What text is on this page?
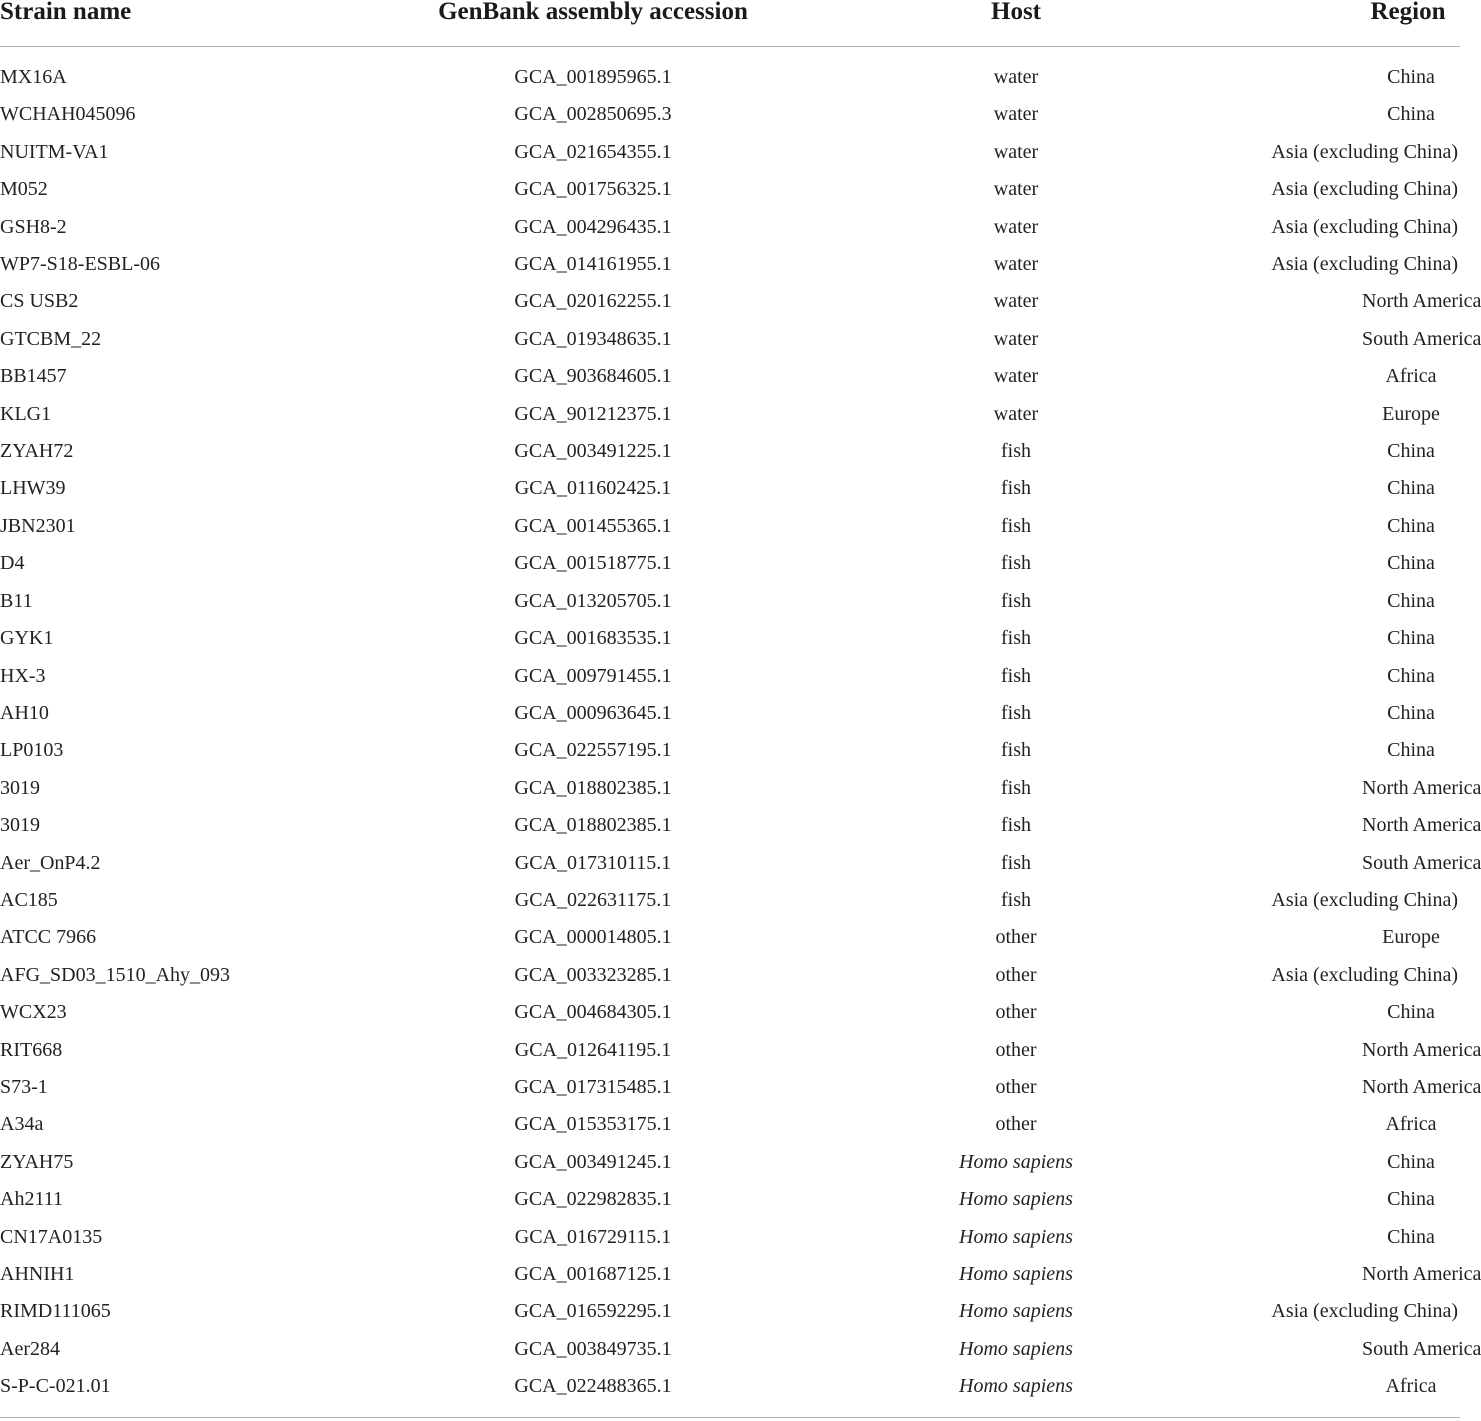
Strain name	GenBank assembly accession	Host	Region
MX16A	GCA_001895965.1	water	China
WCHAH045096	GCA_002850695.3	water	China
NUITM-VA1	GCA_021654355.1	water	Asia (excluding China)
M052	GCA_001756325.1	water	Asia (excluding China)
GSH8-2	GCA_004296435.1	water	Asia (excluding China)
WP7-S18-ESBL-06	GCA_014161955.1	water	Asia (excluding China)
CS USB2	GCA_020162255.1	water	North America
GTCBM_22	GCA_019348635.1	water	South America
BB1457	GCA_903684605.1	water	Africa
KLG1	GCA_901212375.1	water	Europe
ZYAH72	GCA_003491225.1	fish	China
LHW39	GCA_011602425.1	fish	China
JBN2301	GCA_001455365.1	fish	China
D4	GCA_001518775.1	fish	China
B11	GCA_013205705.1	fish	China
GYK1	GCA_001683535.1	fish	China
HX-3	GCA_009791455.1	fish	China
AH10	GCA_000963645.1	fish	China
LP0103	GCA_022557195.1	fish	China
3019	GCA_018802385.1	fish	North America
3019	GCA_018802385.1	fish	North America
Aer_OnP4.2	GCA_017310115.1	fish	South America
AC185	GCA_022631175.1	fish	Asia (excluding China)
ATCC 7966	GCA_000014805.1	other	Europe
AFG_SD03_1510_Ahy_093	GCA_003323285.1	other	Asia (excluding China)
WCX23	GCA_004684305.1	other	China
RIT668	GCA_012641195.1	other	North America
S73-1	GCA_017315485.1	other	North America
A34a	GCA_015353175.1	other	Africa
ZYAH75	GCA_003491245.1	Homo sapiens	China
Ah2111	GCA_022982835.1	Homo sapiens	China
CN17A0135	GCA_016729115.1	Homo sapiens	China
AHNIH1	GCA_001687125.1	Homo sapiens	North America
RIMD111065	GCA_016592295.1	Homo sapiens	Asia (excluding China)
Aer284	GCA_003849735.1	Homo sapiens	South America
S-P-C-021.01	GCA_022488365.1	Homo sapiens	Africa
